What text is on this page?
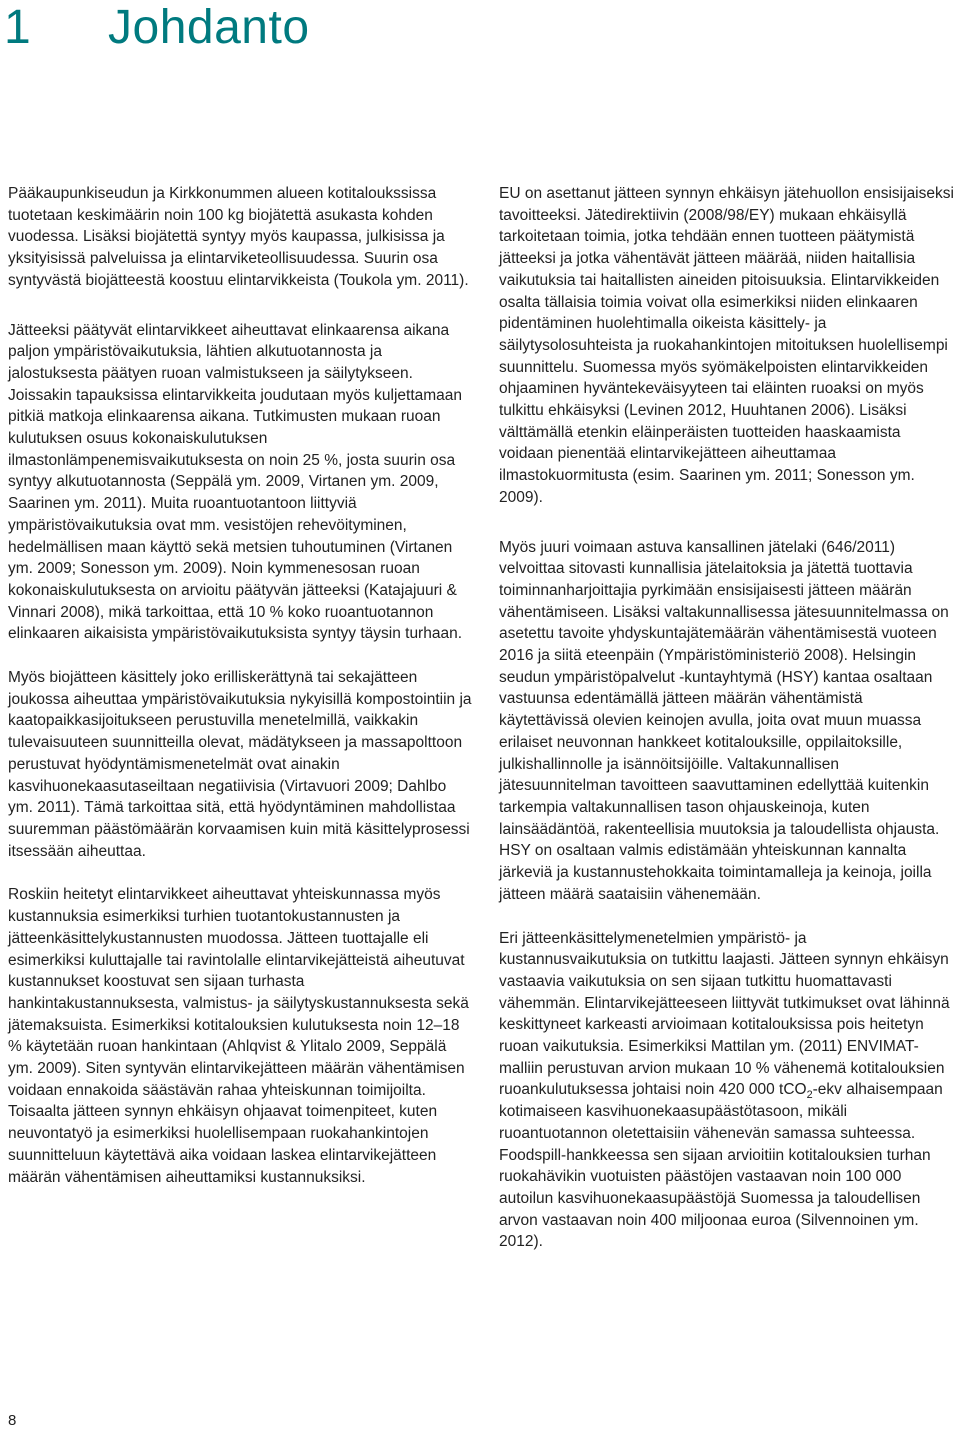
1	Johdanto

Pääkaupunkiseudun ja Kirkkonummen alueen kotitaloukssissa tuotetaan keskimäärin noin 100 kg biojätettä asukasta kohden vuodessa. Lisäksi biojätettä syntyy myös kaupassa, julkisissa ja yksityisissä palveluissa ja elintarviketeollisuudessa. Suurin osa syntyvästä biojätteestä koostuu elintarvikkeista (Toukola ym. 2011).

Jätteeksi päätyvät elintarvikkeet aiheuttavat elinkaarensa aikana paljon ympäristövaikutuksia, lähtien alkutuotannosta ja jalostuksesta päätyen ruoan valmistukseen ja säilytykseen. Joissakin tapauksissa elintarvikkeita joudutaan myös kuljettamaan pitkiä matkoja elinkaarensa aikana. Tutkimusten mukaan ruoan kulutuksen osuus kokonaiskulutuksen ilmastonlämpenemisvaikutuksesta on noin 25 %, josta suurin osa syntyy alkutuotannosta (Seppälä ym. 2009, Virtanen ym. 2009, Saarinen ym. 2011). Muita ruoantuotantoon liittyviä ympäristövaikutuksia ovat mm. vesistöjen rehevöityminen, hedelmällisen maan käyttö sekä metsien tuhoutuminen (Virtanen ym. 2009; Sonesson ym. 2009). Noin kymmenesosan ruoan kokonaiskulutuksesta on arvioitu päätyvän jätteeksi (Katajajuuri & Vinnari 2008), mikä tarkoittaa, että 10 % koko ruoantuotannon elinkaaren aikaisista ympäristövaikutuksista syntyy täysin turhaan.

Myös biojätteen käsittely joko erilliskerättynä tai sekajätteen joukossa aiheuttaa ympäristövaikutuksia nykyisillä kompostointiin ja kaatopaikkasijoitukseen perustuvilla menetelmillä, vaikkakin tulevaisuuteen suunnitteilla olevat, mädätykseen ja massapolttoon perustuvat hyödyntämismenetelmät ovat ainakin kasvihuonekaasutaseiltaan negatiivisia (Virtavuori 2009; Dahlbo ym. 2011). Tämä tarkoittaa sitä, että hyödyntäminen mahdollistaa suuremman päästömäärän korvaamisen kuin mitä käsittelyprosessi itsessään aiheuttaa.

Roskiin heitetyt elintarvikkeet aiheuttavat yhteiskunnassa myös kustannuksia esimerkiksi turhien tuotantokustannusten ja jätteenkäsittelykustannusten muodossa. Jätteen tuottajalle eli esimerkiksi kuluttajalle tai ravintolalle elintarvikejätteistä aiheutuvat kustannukset koostuvat sen sijaan turhasta hankintakustannuksesta, valmistus- ja säilytyskustannuksesta sekä jätemaksuista. Esimerkiksi kotitalouksien kulutuksesta noin 12–18 % käytetään ruoan hankintaan (Ahlqvist & Ylitalo 2009, Seppälä ym. 2009). Siten syntyvän elintarvikejätteen määrän vähentämisen voidaan ennakoida säästävän rahaa yhteiskunnan toimijoilta. Toisaalta jätteen synnyn ehkäisyn ohjaavat toimenpiteet, kuten neuvontatyö ja esimerkiksi huolellisempaan ruokahankintojen suunnitteluun käytettävä aika voidaan laskea elintarvikejätteen määrän vähentämisen aiheuttamiksi kustannuksiksi.

EU on asettanut jätteen synnyn ehkäisyn jätehuollon ensisijaiseksi tavoitteeksi. Jätedirektiivin (2008/98/EY) mukaan ehkäisyllä tarkoitetaan toimia, jotka tehdään ennen tuotteen päätymistä jätteeksi ja jotka vähentävät jätteen määrää, niiden haitallisia vaikutuksia tai haitallisten aineiden pitoisuuksia. Elintarvikkeiden osalta tällaisia toimia voivat olla esimerkiksi niiden elinkaaren pidentäminen huolehtimalla oikeista käsittely- ja säilytysolosuhteista ja ruokahankintojen mitoituksen huolellisempi suunnittelu. Suomessa myös syömäkelpoisten elintarvikkeiden ohjaaminen hyväntekeväisyyteen tai eläinten ruoaksi on myös tulkittu ehkäisyksi (Levinen 2012, Huuhtanen 2006). Lisäksi välttämällä etenkin eläinperäisten tuotteiden haaskaamista voidaan pienentää elintarvikejätteen aiheuttamaa ilmastokuormitusta (esim. Saarinen ym. 2011; Sonesson ym. 2009).

Myös juuri voimaan astuva kansallinen jätelaki (646/2011) velvoittaa sitovasti kunnallisia jätelaitoksia ja jätettä tuottavia toiminnanharjoittajia pyrkimään ensisijaisesti jätteen määrän vähentämiseen. Lisäksi valtakunnallisessa jätesuunnitelmassa on asetettu tavoite yhdyskuntajätemäärän vähentämisestä vuoteen 2016 ja siitä eteenpäin (Ympäristöministeriö 2008). Helsingin seudun ympäristöpalvelut -kuntayhtymä (HSY) kantaa osaltaan vastuunsa edentämällä jätteen määrän vähentämistä käytettävissä olevien keinojen avulla, joita ovat muun muassa erilaiset neuvonnan hankkeet kotitalouksille, oppilaitoksille, julkishallinnolle ja isännöitsijöille. Valtakunnallisen jätesuunnitelman tavoitteen saavuttaminen edellyttää kuitenkin tarkempia valtakunnallisen tason ohjauskeinoja, kuten lainsäädäntöä, rakenteellisia muutoksia ja taloudellista ohjausta. HSY on osaltaan valmis edistämään yhteiskunnan kannalta järkeviä ja kustannustehokkaita toimintamalleja ja keinoja, joilla jätteen määrä saataisiin vähenemään.

Eri jätteenkäsittelymenetelmien ympäristö- ja kustannusvaikutuksia on tutkittu laajasti. Jätteen synnyn ehkäisyn vastaavia vaikutuksia on sen sijaan tutkittu huomattavasti vähemmän. Elintarvikejätteeseen liittyvät tutkimukset ovat lähinnä keskittyneet karkeasti arvioimaan kotitalouksissa pois heitetyn ruoan vaikutuksia. Esimerkiksi Mattilan ym. (2011) ENVIMAT-malliin perustuvan arvion mukaan 10 % vähenemä kotitalouksien ruoankulutuksessa johtaisi noin 420 000 tCO$_2$-ekv alhaisempaan kotimaiseen kasvihuonekaasupäästötasoon, mikäli ruoantuotannon oletettaisiin vähenevän samassa suhteessa. Foodspill-hankkeessa sen sijaan arvioitiin kotitalouksien turhan ruokahävikin vuotuisten päästöjen vastaavan noin 100 000 autoilun kasvihuonekaasupäästöjä Suomessa ja taloudellisen arvon vastaavan noin 400 miljoonaa euroa (Silvennoinen ym. 2012).

8
